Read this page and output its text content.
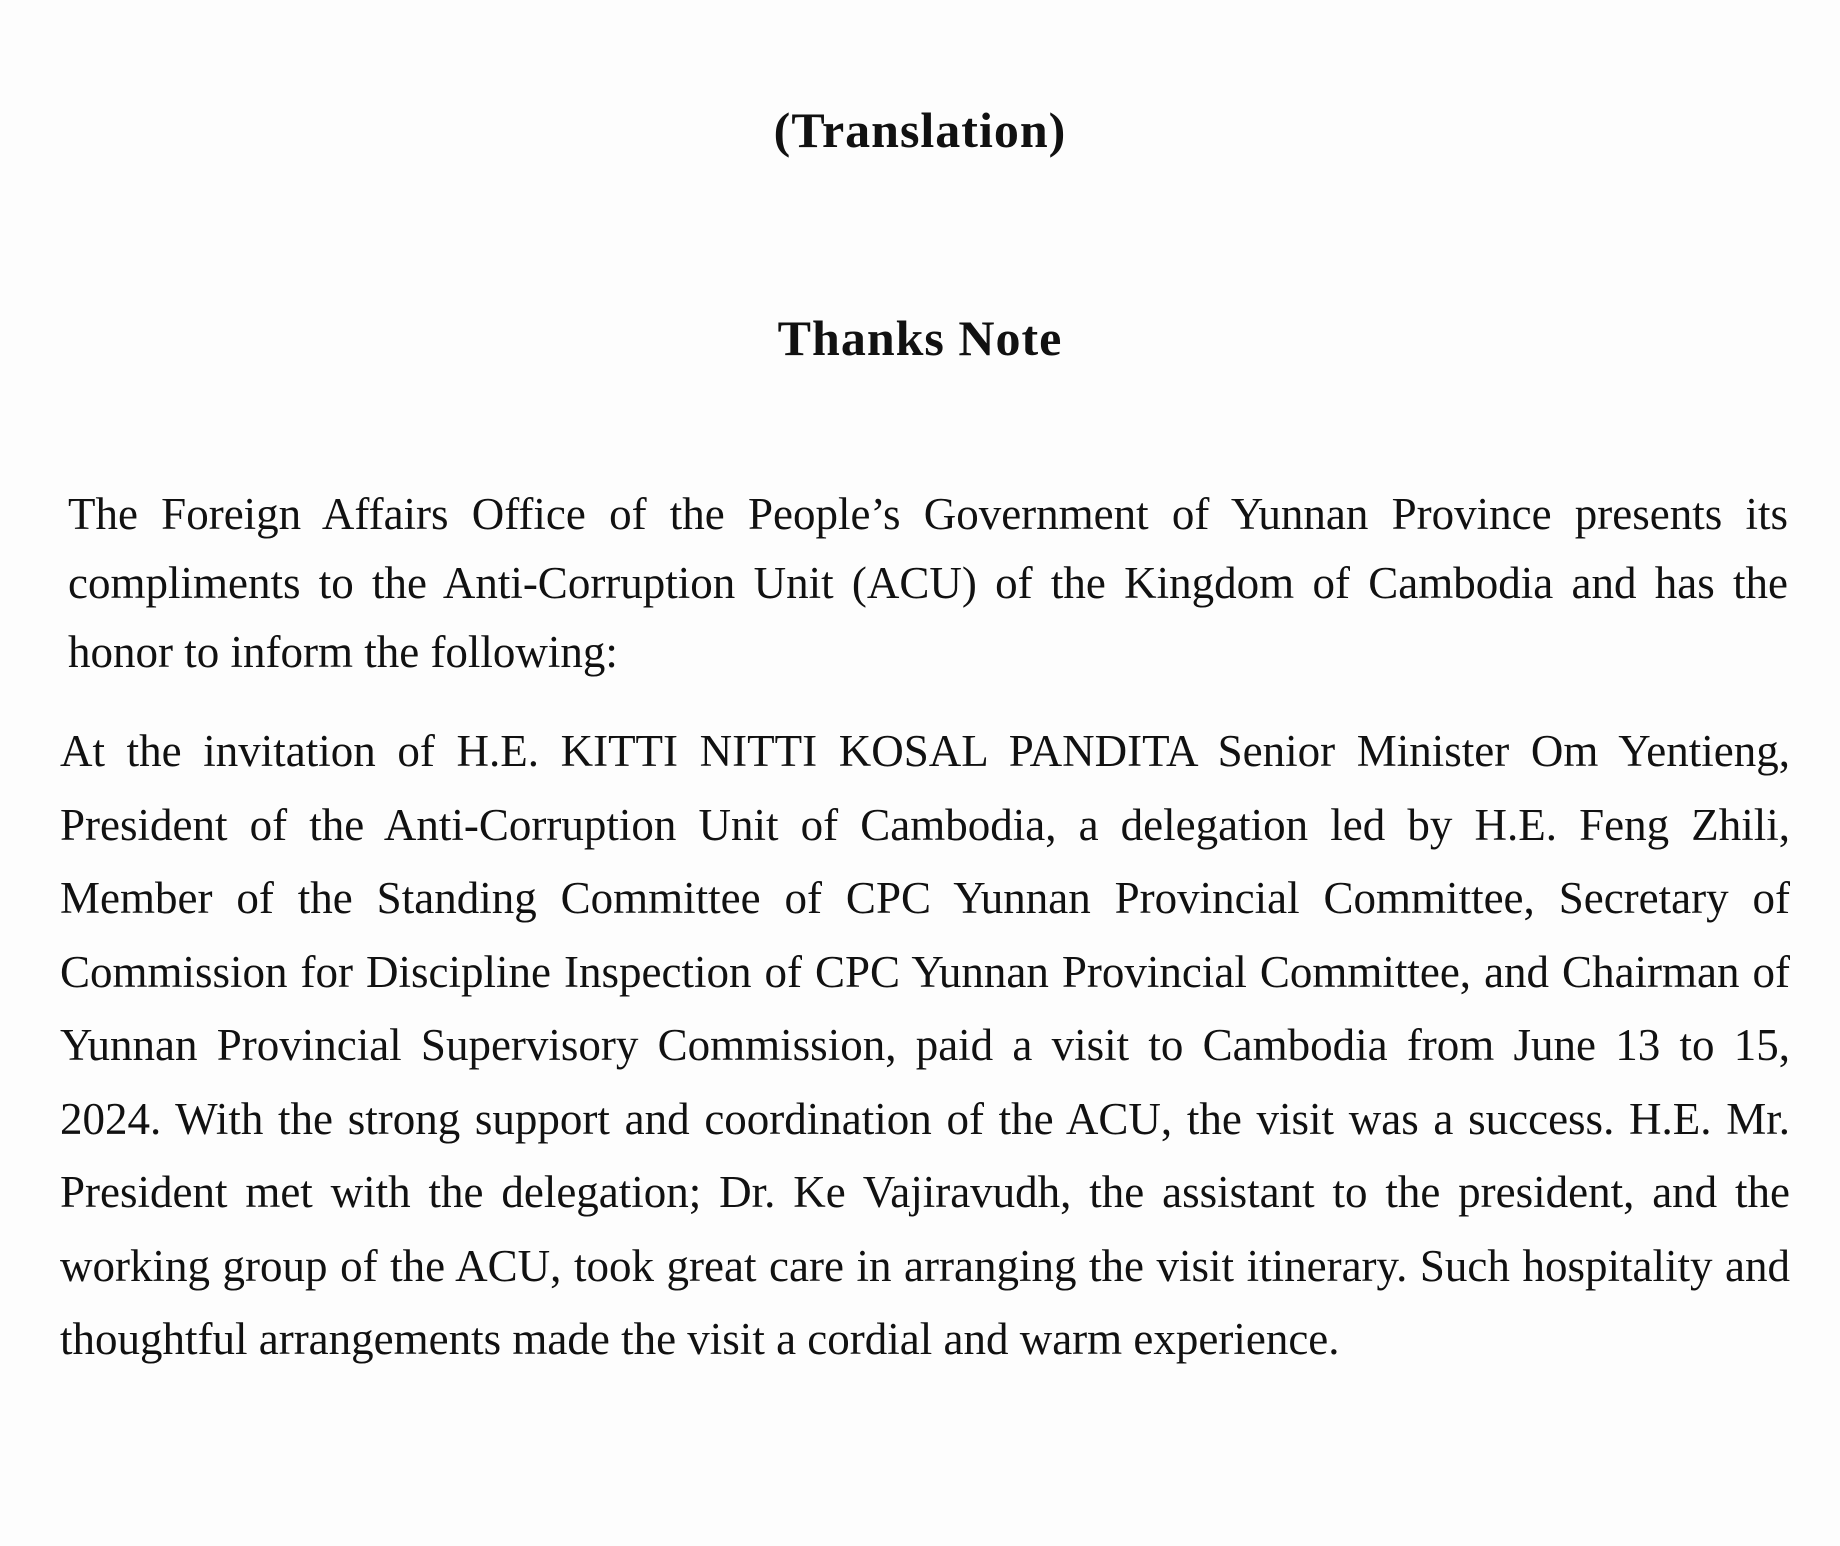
(Translation)
Thanks Note

The Foreign Affairs Office of the People’s Government of Yunnan Province presents its compliments to the Anti-Corruption Unit (ACU) of the Kingdom of Cambodia and has the honor to inform the following:

At the invitation of H.E. KITTI NITTI KOSAL PANDITA Senior Minister Om Yentieng, President of the Anti-Corruption Unit of Cambodia, a delegation led by H.E. Feng Zhili, Member of the Standing Committee of CPC Yunnan Provincial Committee, Secretary of Commission for Discipline Inspection of CPC Yunnan Provincial Committee, and Chairman of Yunnan Provincial Supervisory Commission, paid a visit to Cambodia from June 13 to 15, 2024. With the strong support and coordination of the ACU, the visit was a success. H.E. Mr. President met with the delegation; Dr. Ke Vajiravudh, the assistant to the president, and the working group of the ACU, took great care in arranging the visit itinerary. Such hospitality and thoughtful arrangements made the visit a cordial and warm experience.
